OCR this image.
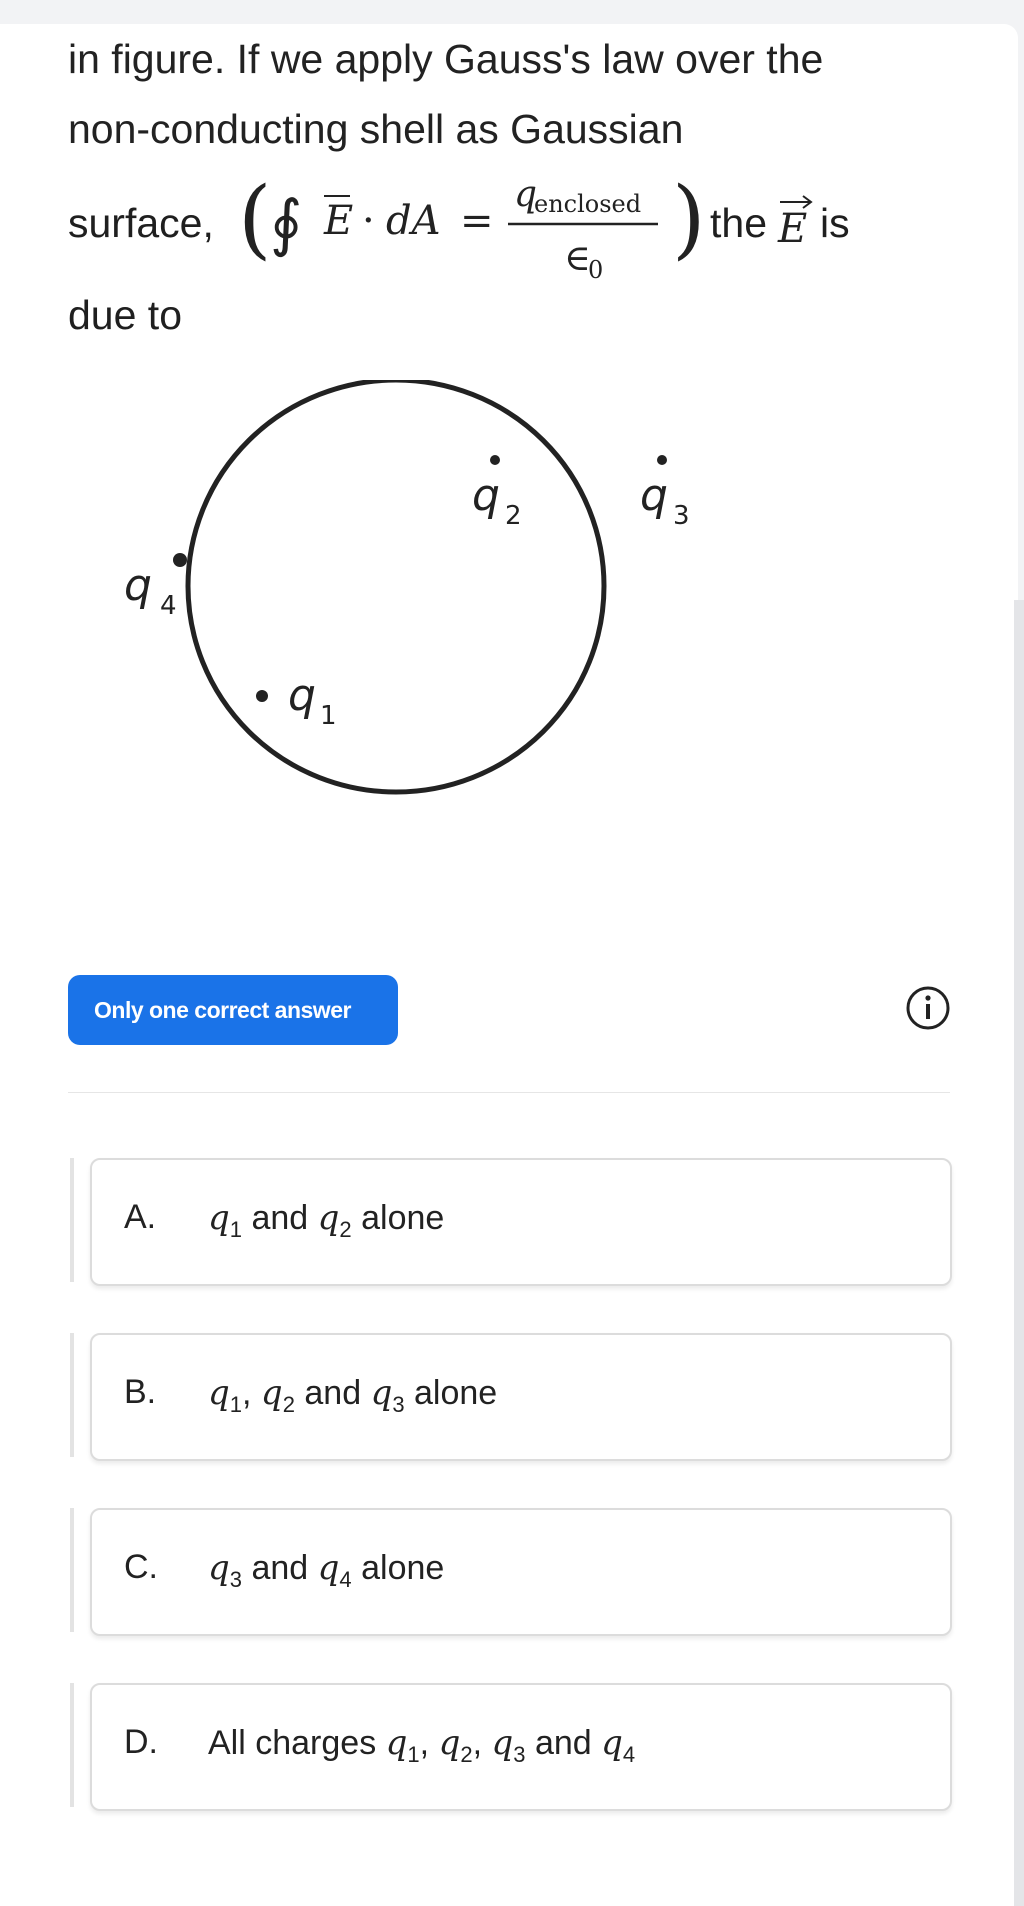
in figure. If we apply Gauss's law over the
non-conducting shell as Gaussian
surface, (
∮ E · dA =
q
enclosed
∈
0
) the E is
due to
q 2	q 3
q 4
q 1
Only one correct answer
A. $q_1$ and $q_2$ alone
B. $q_1$, $q_2$ and $q_3$ alone
C. $q_3$ and $q_4$ alone
D. All charges $q_1$, $q_2$, $q_3$ and $q_4$
